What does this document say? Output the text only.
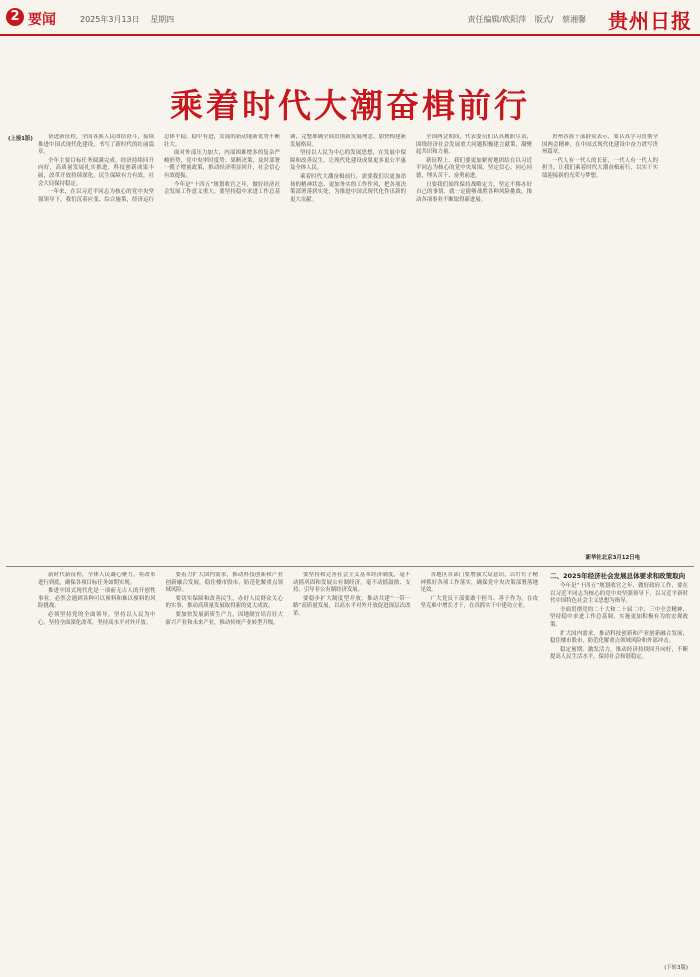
2 要闻	2025年3月13日 星期四	责任编辑/欧阳萍 版式/ 蔡湘馨 贵州日报
乘着时代大潮奋楫前行
(上接1版)	奋进新征程，全国各族人民团结奋斗，接续推进中国式现代化建设，书写了新时代的壮丽篇章。

全年主要目标任务圆满完成，经济持续回升向好，高质量发展扎实推进，科技创新成果丰硕，改革开放持续深化，民生保障有力有效，社会大局保持稳定。

一年来，在以习近平同志为核心的党中央坚强领导下，我们沉着应变、综合施策，经济运行总体平稳、稳中有进，发展的新动能新优势不断壮大。

面对外部压力加大、内部困难增多的复杂严峻形势，党中央审时度势、果断决策，及时部署一揽子增量政策，推动经济明显回升，社会信心有效提振。

今年是“十四五”规划收官之年，做好经济社会发展工作意义重大。要坚持稳中求进工作总基调，完整准确全面贯彻新发展理念，加快构建新发展格局。

坚持以人民为中心的发展思想，在发展中保障和改善民生，让现代化建设成果更多更公平惠及全体人民。

乘着时代大潮奋楫前行，需要我们以更加昂扬的精神状态、更加务实的工作作风，把各项决策部署落到实处，为推进中国式现代化作出新的更大贡献。

全国两会期间，代表委员们认真履职尽责，围绕经济社会发展重大问题积极建言献策，凝聚起共识和力量。

新征程上，我们要更加紧密地团结在以习近平同志为核心的党中央周围，坚定信心、同心同德，埋头苦干、奋勇前进。

只要我们始终保持战略定力，坚定不移办好自己的事情，就一定能够战胜各种风险挑战，推动各项事业不断取得新进展。

贵州各族干部群众表示，要认真学习贯彻全国两会精神，在中国式现代化建设中奋力谱写贵州篇章。

一代人有一代人的长征，一代人有一代人的担当。让我们乘着时代大潮奋楫前行，以实干实绩迎接新的光荣与梦想。

新华社北京3月12日电

新时代新征程，全体人民凝心聚力，将改革进行到底，确保各项目标任务如期实现。

推进中国式现代化是一项前无古人的开创性事业，必然会遇到各种可以预料和难以预料的风险挑战。

必须坚持党的全面领导，坚持以人民为中心，坚持全面深化改革，坚持高水平对外开放。

要着力扩大国内需求，推动科技创新和产业创新融合发展，稳住楼市股市，防范化解重点领域风险。

要切实保障和改善民生，办好人民群众关心的实事，推动高质量发展取得新的更大成效。

要加快发展新质生产力，因地制宜培育壮大新兴产业和未来产业，推动传统产业转型升级。

要坚持和完善社会主义基本经济制度，毫不动摇巩固和发展公有制经济，毫不动摇鼓励、支持、引导非公有制经济发展。

要稳步扩大制度型开放，推动共建“一带一路”高质量发展，以高水平对外开放促进深层次改革。

各地区各部门要增强大局意识，以钉钉子精神抓好各项工作落实，确保党中央决策部署落地见效。

广大党员干部要敢于担当、善于作为，在攻坚克难中增长才干，在真抓实干中建功立业。

二、2025年经济社会发展总体要求和政策取向

今年是“十四五”规划收官之年，做好政府工作，要在以习近平同志为核心的党中央坚强领导下，以习近平新时代中国特色社会主义思想为指导。

全面贯彻党的二十大和二十届二中、三中全会精神，坚持稳中求进工作总基调，实施更加积极有为的宏观政策。

扩大国内需求，推动科技创新和产业创新融合发展，稳住楼市股市，防范化解重点领域风险和外部冲击。

稳定预期、激发活力，推动经济持续回升向好，不断提高人民生活水平，保持社会和谐稳定。

(下转3版)
